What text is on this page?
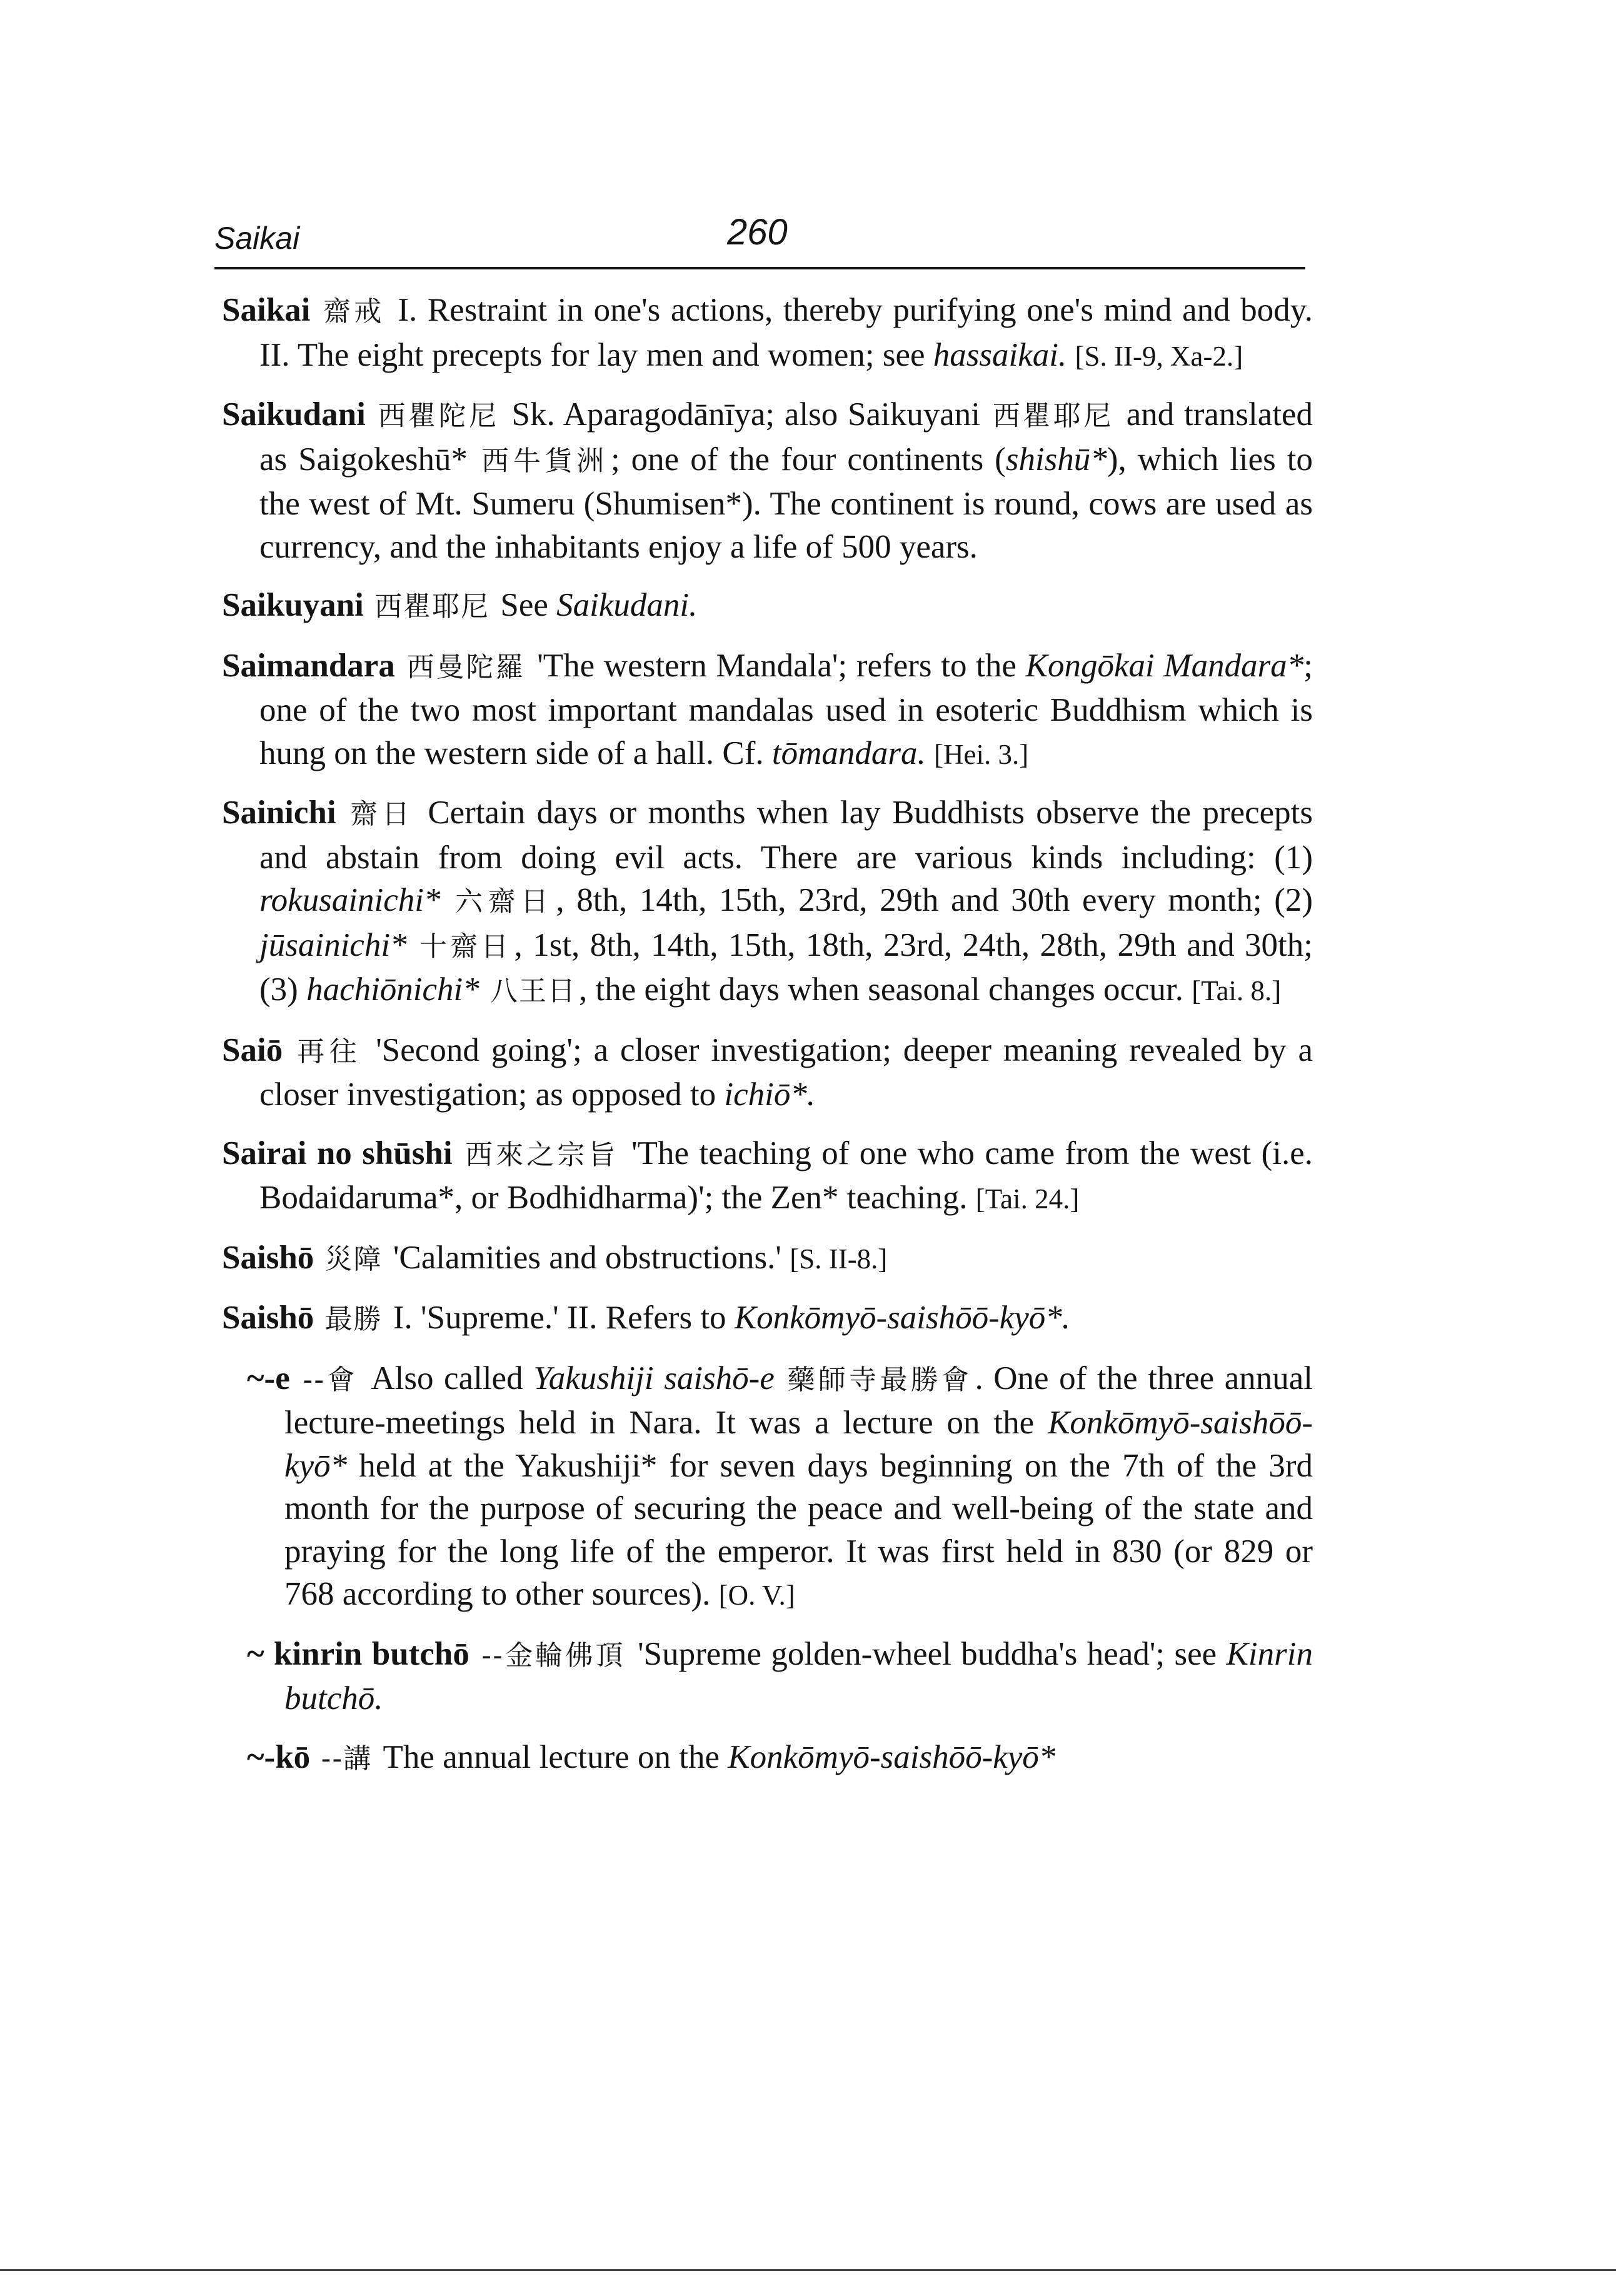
Saikai	260

Saikai 齋戒 I. Restraint in one's actions, thereby purifying one's mind and body. II. The eight precepts for lay men and women; see hassaikai. [S. II-9, Xa-2.]

Saikudani 西瞿陀尼 Sk. Aparagodānīya; also Saikuyani 西瞿耶尼 and translated as Saigokeshū* 西牛貨洲; one of the four continents (shishū*), which lies to the west of Mt. Sumeru (Shumisen*). The continent is round, cows are used as currency, and the inhabitants enjoy a life of 500 years.

Saikuyani 西瞿耶尼 See Saikudani.

Saimandara 西曼陀羅 'The western Mandala'; refers to the Kongōkai Mandara*; one of the two most important mandalas used in esoteric Buddhism which is hung on the western side of a hall. Cf. tōmandara. [Hei. 3.]

Sainichi 齋日 Certain days or months when lay Buddhists observe the precepts and abstain from doing evil acts. There are various kinds including: (1) rokusainichi* 六齋日, 8th, 14th, 15th, 23rd, 29th and 30th every month; (2) jūsainichi* 十齋日, 1st, 8th, 14th, 15th, 18th, 23rd, 24th, 28th, 29th and 30th; (3) hachiōnichi* 八王日, the eight days when seasonal changes occur. [Tai. 8.]

Saiō 再往 'Second going'; a closer investigation; deeper meaning revealed by a closer investigation; as opposed to ichiō*.

Sairai no shūshi 西來之宗旨 'The teaching of one who came from the west (i.e. Bodaidaruma*, or Bodhidharma)'; the Zen* teaching. [Tai. 24.]

Saishō 災障 'Calamities and obstructions.' [S. II-8.]

Saishō 最勝 I. 'Supreme.' II. Refers to Konkōmyō-saishōō-kyō*.

~-e --會 Also called Yakushiji saishō-e 藥師寺最勝會. One of the three annual lecture-meetings held in Nara. It was a lecture on the Konkōmyō-saishōō-kyō* held at the Yakushiji* for seven days beginning on the 7th of the 3rd month for the purpose of securing the peace and well-being of the state and praying for the long life of the emperor. It was first held in 830 (or 829 or 768 according to other sources). [O. V.]

~ kinrin butchō --金輪佛頂 'Supreme golden-wheel buddha's head'; see Kinrin butchō.

~-kō --講 The annual lecture on the Konkōmyō-saishōō-kyō*
